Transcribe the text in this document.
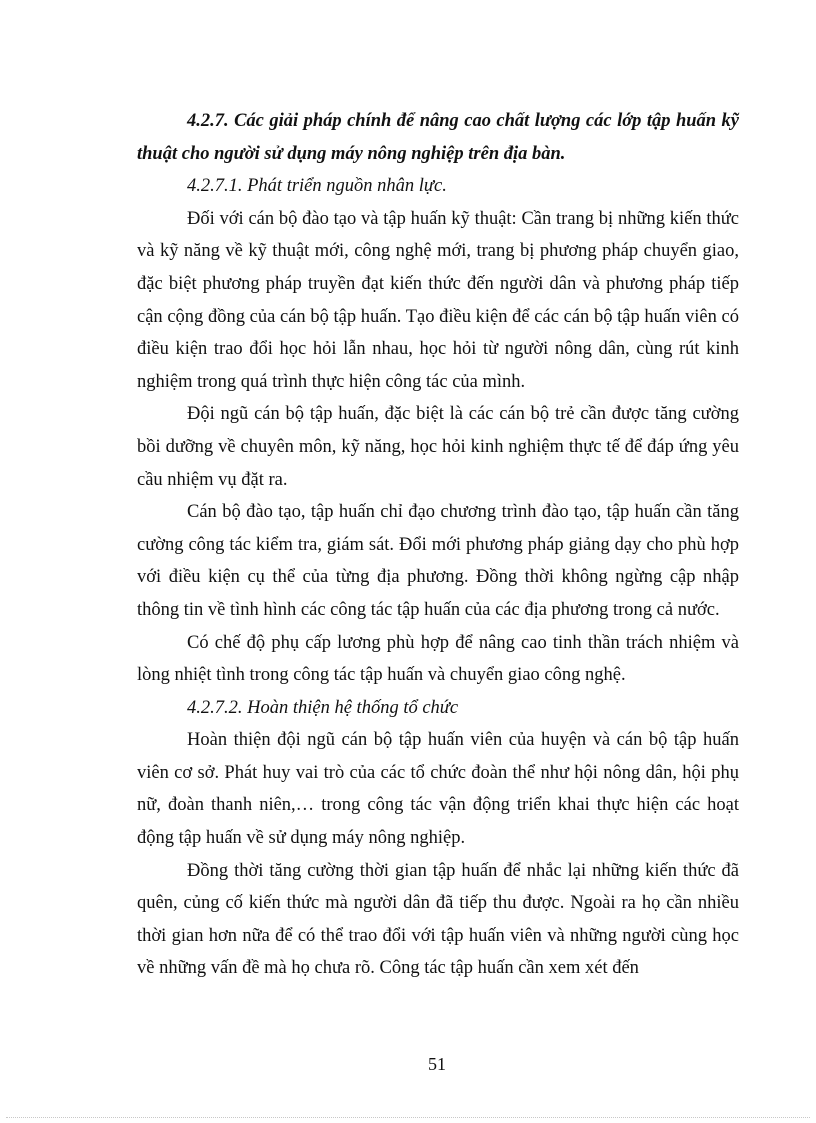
4.2.7. Các giải pháp chính để nâng cao chất lượng các lớp tập huấn kỹ thuật cho người sử dụng máy nông nghiệp trên địa bàn.

4.2.7.1. Phát triển nguồn nhân lực.

Đối với cán bộ đào tạo và tập huấn kỹ thuật: Cần trang bị những kiến thức và kỹ năng về kỹ thuật mới, công nghệ mới, trang bị phương pháp chuyển giao, đặc biệt phương pháp truyền đạt kiến thức đến người dân và phương pháp tiếp cận cộng đồng của cán bộ tập huấn. Tạo điều kiện để các cán bộ tập huấn viên có điều kiện trao đổi học hỏi lẫn nhau, học hỏi từ người nông dân, cùng rút kinh nghiệm trong quá trình thực hiện công tác của mình.

Đội ngũ cán bộ tập huấn, đặc biệt là các cán bộ trẻ cần được tăng cường bồi dưỡng về chuyên môn, kỹ năng, học hỏi kinh nghiệm thực tế để đáp ứng yêu cầu nhiệm vụ đặt ra.

Cán bộ đào tạo, tập huấn chỉ đạo chương trình đào tạo, tập huấn cần tăng cường công tác kiểm tra, giám sát. Đổi mới phương pháp giảng dạy cho phù hợp với điều kiện cụ thể của từng địa phương. Đồng thời không ngừng cập nhập thông tin về tình hình các công tác tập huấn của các địa phương trong cả nước.

Có chế độ phụ cấp lương phù hợp để nâng cao tinh thần trách nhiệm và lòng nhiệt tình trong công tác tập huấn và chuyển giao công nghệ.

4.2.7.2. Hoàn thiện hệ thống tổ chức

Hoàn thiện đội ngũ cán bộ tập huấn viên của huyện và cán bộ tập huấn viên cơ sở. Phát huy vai trò của các tổ chức đoàn thể như hội nông dân, hội phụ nữ, đoàn thanh niên,… trong công tác vận động triển khai thực hiện các hoạt động tập huấn về sử dụng máy nông nghiệp.

Đồng thời tăng cường thời gian tập huấn để nhắc lại những kiến thức đã quên, củng cố kiến thức mà người dân đã tiếp thu được. Ngoài ra họ cần nhiều thời gian hơn nữa để có thể trao đổi với tập huấn viên và những người cùng học về những vấn đề mà họ chưa rõ. Công tác tập huấn cần xem xét đến

51
